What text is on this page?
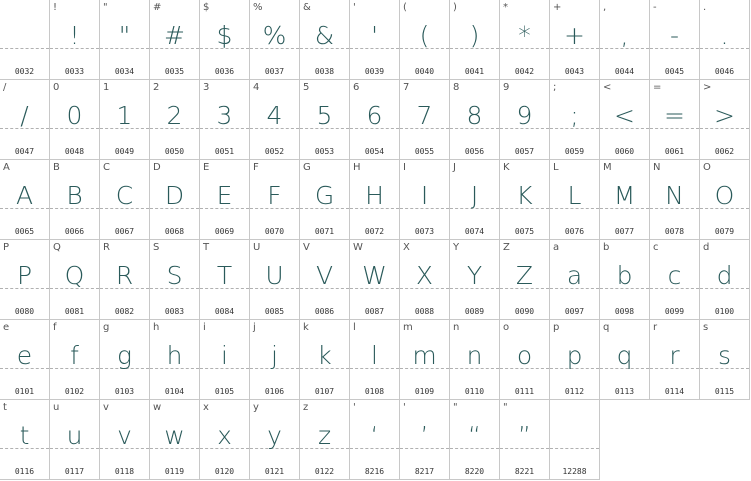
0032
!
!
0033
"
"
0034
#
#
0035
$
$
0036
%
%
0037
&
&
0038
'
'
0039
(
(
0040
)
)
0041
*
*
0042
+
+
0043
,
,
0044
-
-
0045
.
.
0046
/
/
0047
0
0
0048
1
1
0049
2
2
0050
3
3
0051
4
4
0052
5
5
0053
6
6
0054
7
7
0055
8
8
0056
9
9
0057
;
;
0059
<
<
0060
=
=
0061
>
>
0062
A
A
0065
B
B
0066
C
C
0067
D
D
0068
E
E
0069
F
F
0070
G
G
0071
H
H
0072
I
I
0073
J
J
0074
K
K
0075
L
L
0076
M
M
0077
N
N
0078
O
O
0079
P
P
0080
Q
Q
0081
R
R
0082
S
S
0083
T
T
0084
U
U
0085
V
V
0086
W
W
0087
X
X
0088
Y
Y
0089
Z
Z
0090
a
a
0097
b
b
0098
c
c
0099
d
d
0100
e
e
0101
f
f
0102
g
g
0103
h
h
0104
i
i
0105
j
j
0106
k
k
0107
l
l
0108
m
m
0109
n
n
0110
o
o
0111
p
p
0112
q
q
0113
r
r
0114
s
s
0115
t
t
0116
u
u
0117
v
v
0118
w
w
0119
x
x
0120
y
y
0121
z
z
0122
'
‘
8216
'
’
8217
"
“
8220
"
”
8221	12288
